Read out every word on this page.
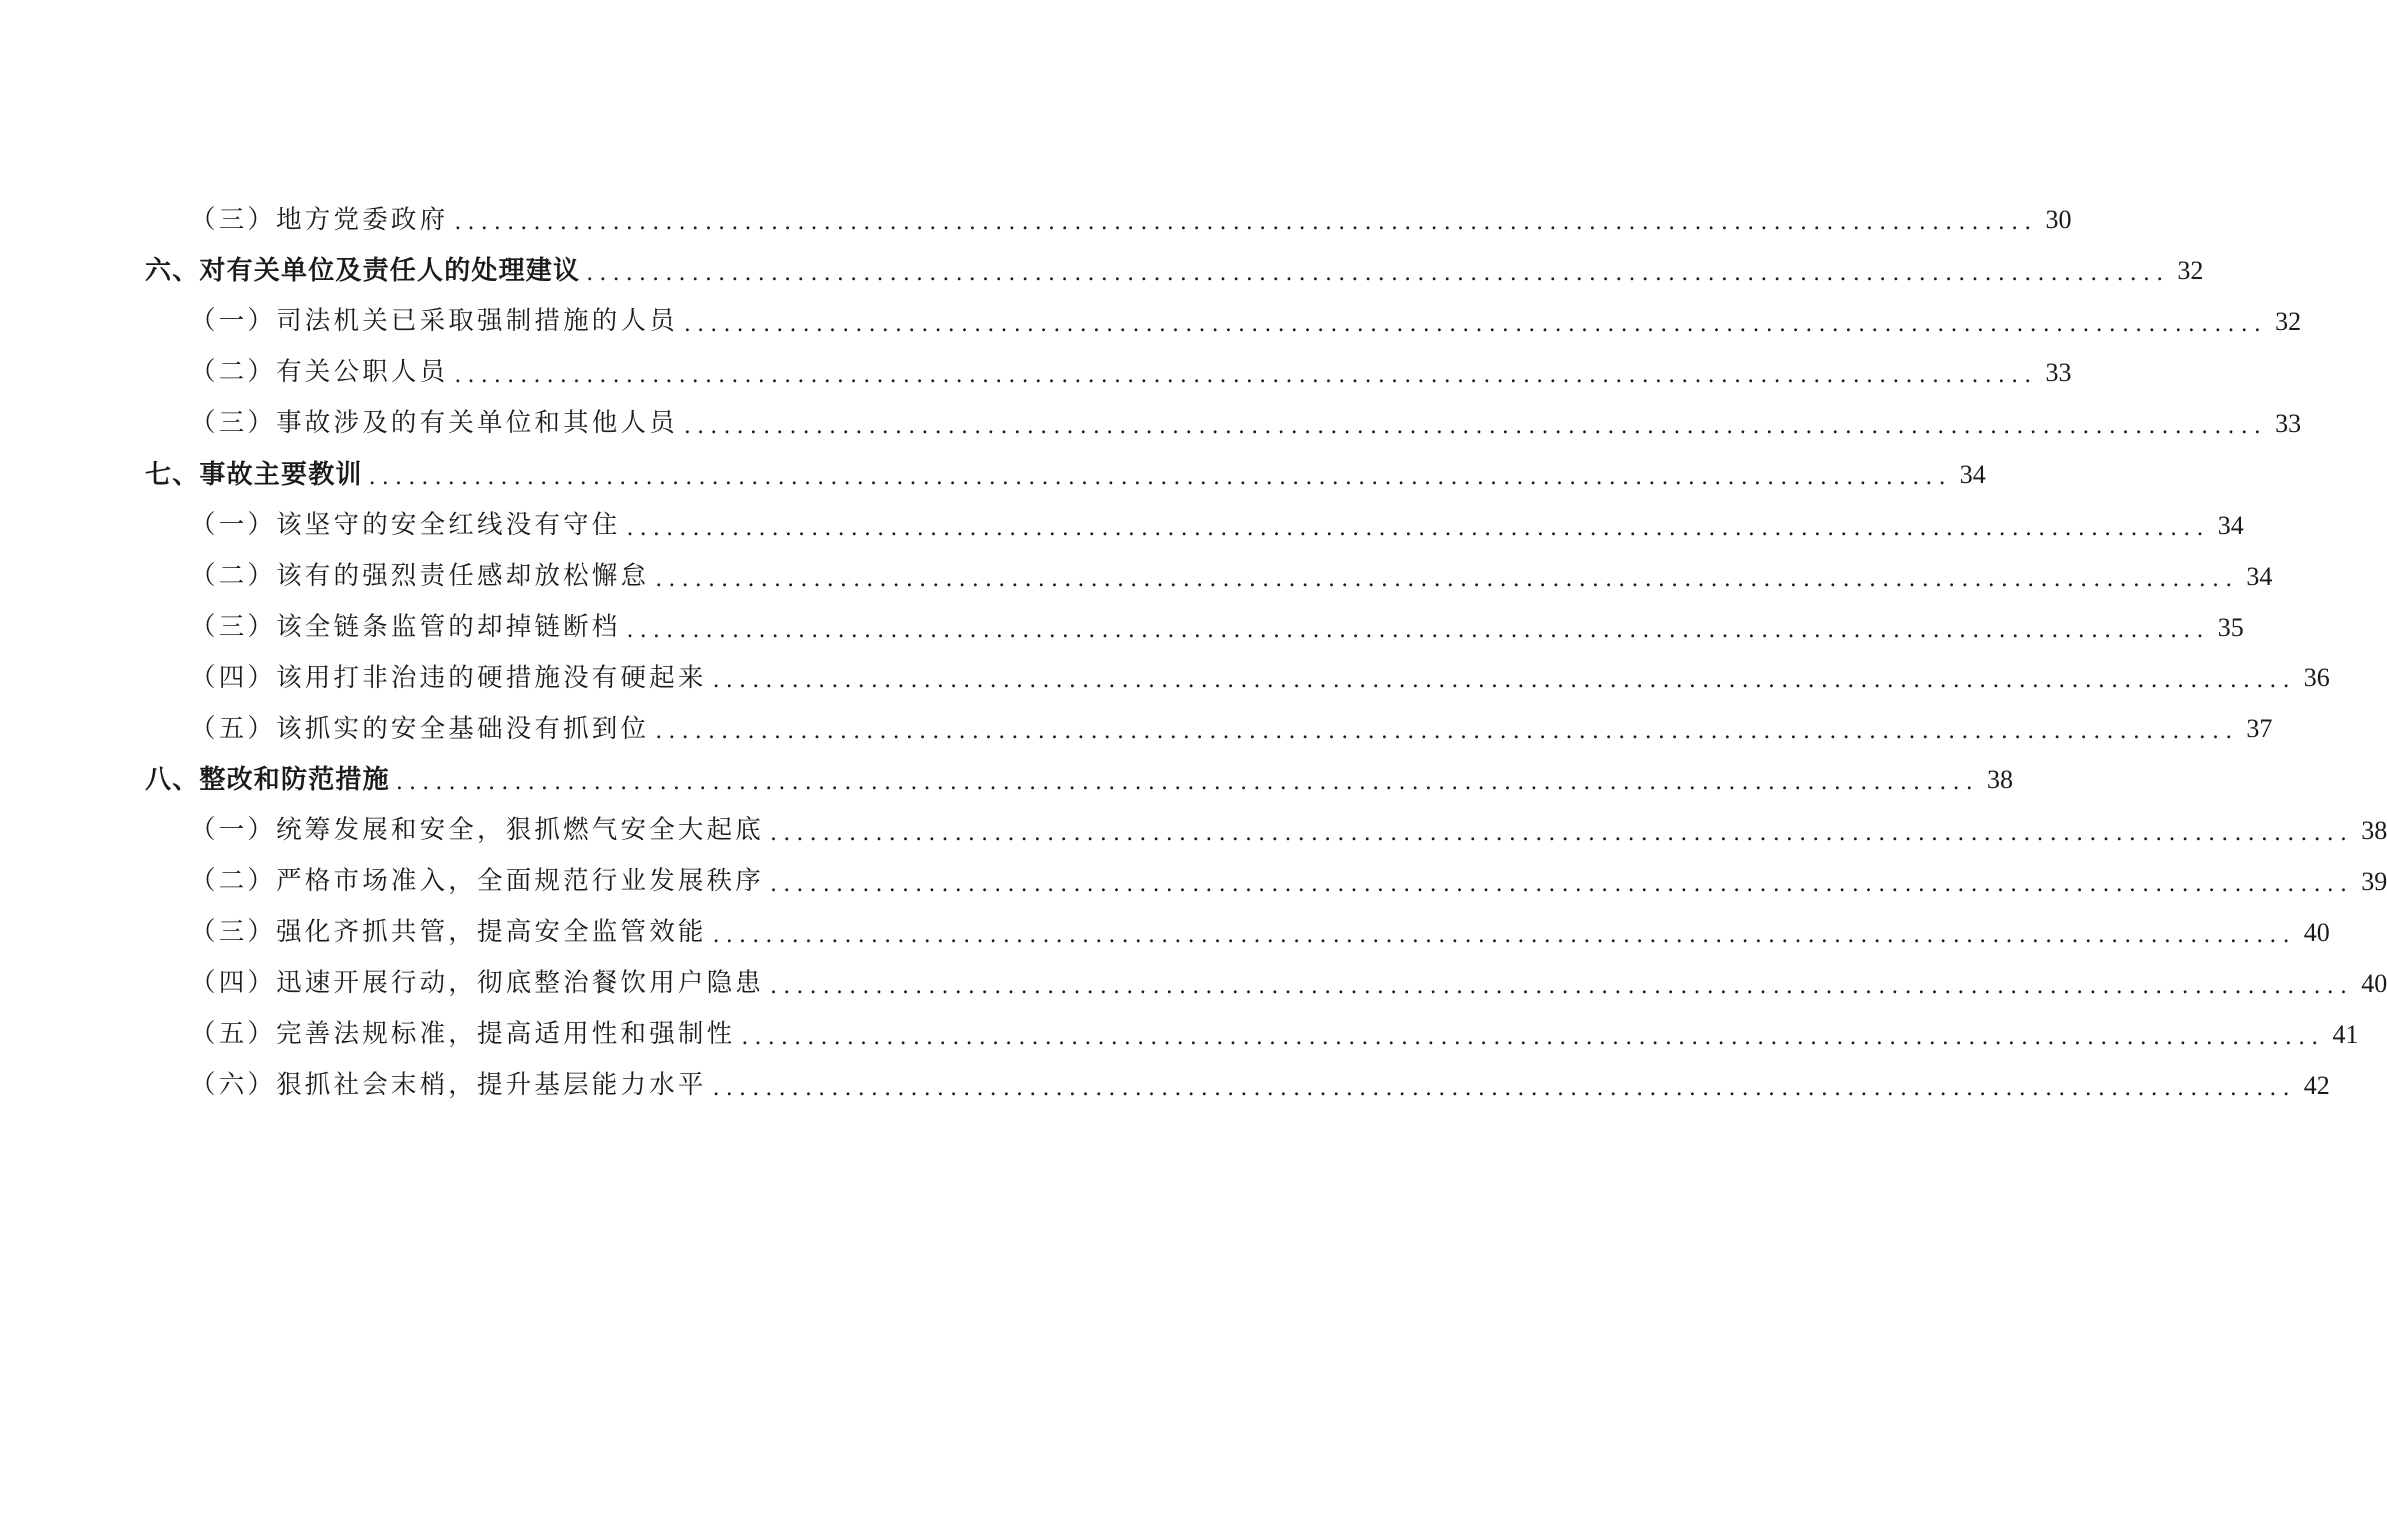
（三）地方党委政府 ........................................................................................................................ 30
六、对有关单位及责任人的处理建议 ........................................................................................................................ 32
（一）司法机关已采取强制措施的人员 ........................................................................................................................ 32
（二）有关公职人员 ........................................................................................................................ 33
（三）事故涉及的有关单位和其他人员 ........................................................................................................................ 33
七、事故主要教训 ........................................................................................................................ 34
（一）该坚守的安全红线没有守住 ........................................................................................................................ 34
（二）该有的强烈责任感却放松懈怠 ........................................................................................................................ 34
（三）该全链条监管的却掉链断档 ........................................................................................................................ 35
（四）该用打非治违的硬措施没有硬起来 ........................................................................................................................ 36
（五）该抓实的安全基础没有抓到位 ........................................................................................................................ 37
八、整改和防范措施 ........................................................................................................................ 38
（一）统筹发展和安全，狠抓燃气安全大起底 ........................................................................................................................ 38
（二）严格市场准入，全面规范行业发展秩序 ........................................................................................................................ 39
（三）强化齐抓共管，提高安全监管效能 ........................................................................................................................ 40
（四）迅速开展行动，彻底整治餐饮用户隐患 ........................................................................................................................ 40
（五）完善法规标准，提高适用性和强制性 ........................................................................................................................ 41
（六）狠抓社会末梢，提升基层能力水平 ........................................................................................................................ 42
